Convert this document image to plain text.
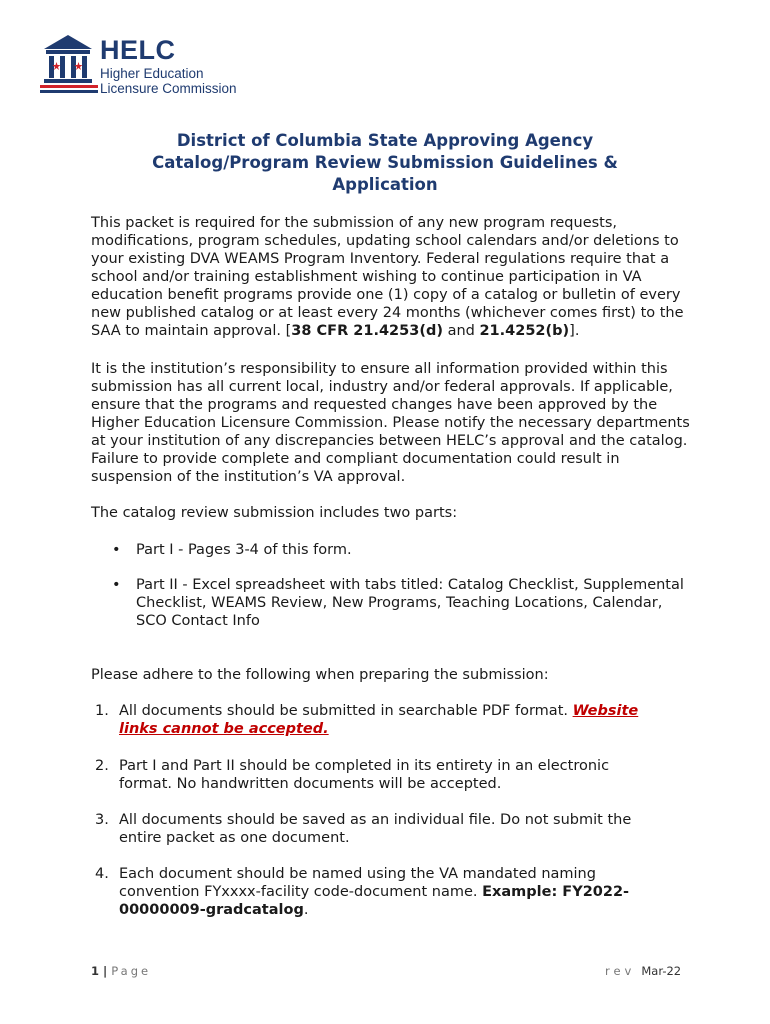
HELC
Higher Education
Licensure Commission
District of Columbia State Approving Agency
Catalog/Program Review Submission Guidelines &
Application
This packet is required for the submission of any new program requests,
modifications, program schedules, updating school calendars and/or deletions to
your existing DVA WEAMS Program Inventory. Federal regulations require that a
school and/or training establishment wishing to continue participation in VA
education benefit programs provide one (1) copy of a catalog or bulletin of every
new published catalog or at least every 24 months (whichever comes first) to the
SAA to maintain approval. [38 CFR 21.4253(d) and 21.4252(b)].
It is the institution’s responsibility to ensure all information provided within this
submission has all current local, industry and/or federal approvals. If applicable,
ensure that the programs and requested changes have been approved by the
Higher Education Licensure Commission. Please notify the necessary departments
at your institution of any discrepancies between HELC’s approval and the catalog.
Failure to provide complete and compliant documentation could result in
suspension of the institution’s VA approval.
The catalog review submission includes two parts:
• Part I - Pages 3-4 of this form.
• Part II - Excel spreadsheet with tabs titled: Catalog Checklist, Supplemental
Checklist, WEAMS Review, New Programs, Teaching Locations, Calendar,
SCO Contact Info
Please adhere to the following when preparing the submission:
1. All documents should be submitted in searchable PDF format. Website
links cannot be accepted.
2. Part I and Part II should be completed in its entirety in an electronic
format. No handwritten documents will be accepted.
3. All documents should be saved as an individual file. Do not submit the
entire packet as one document.
4. Each document should be named using the VA mandated naming
convention FYxxxx-facility code-document name. Example: FY2022-
00000009-gradcatalog.
1 | Page	rev Mar-22
